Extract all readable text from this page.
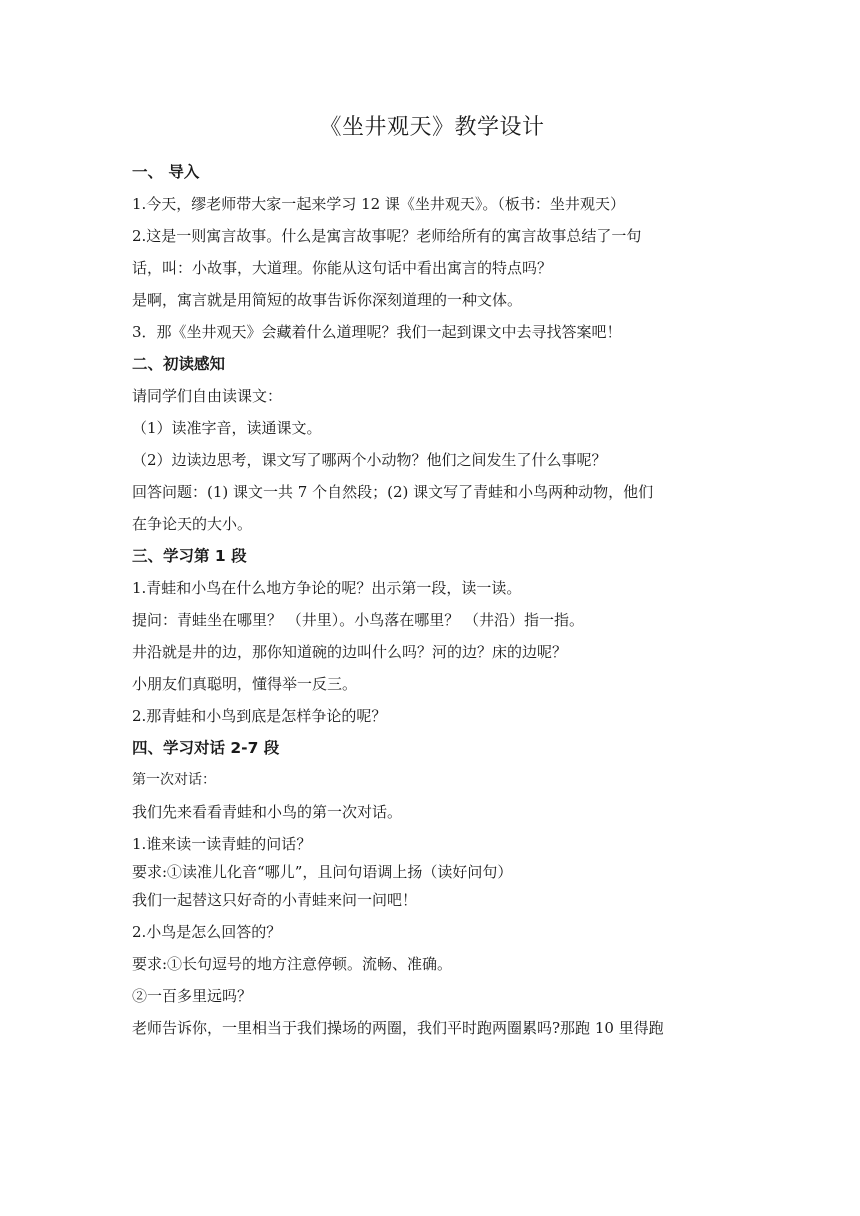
《坐井观天》教学设计

一、 导入

1.今天，缪老师带大家一起来学习 12 课《坐井观天》。（板书：坐井观天）

2.这是一则寓言故事。什么是寓言故事呢？老师给所有的寓言故事总结了一句

话，叫：小故事，大道理。你能从这句话中看出寓言的特点吗？

是啊，寓言就是用简短的故事告诉你深刻道理的一种文体。

3．那《坐井观天》会藏着什么道理呢？我们一起到课文中去寻找答案吧！

二、初读感知

请同学们自由读课文：

（1）读准字音，读通课文。

（2）边读边思考，课文写了哪两个小动物？他们之间发生了什么事呢？

回答问题：(1) 课文一共 7 个自然段；(2) 课文写了青蛙和小鸟两种动物，他们

在争论天的大小。

三、学习第 1 段

1.青蛙和小鸟在什么地方争论的呢？出示第一段，读一读。

提问：青蛙坐在哪里？ （井里）。小鸟落在哪里？ （井沿）指一指。

井沿就是井的边，那你知道碗的边叫什么吗？河的边？床的边呢？

小朋友们真聪明，懂得举一反三。

2.那青蛙和小鸟到底是怎样争论的呢？

四、学习对话 2-7 段

第一次对话：

我们先来看看青蛙和小鸟的第一次对话。

1.谁来读一读青蛙的问话？

要求:①读准儿化音“哪儿”，且问句语调上扬（读好问句）

我们一起替这只好奇的小青蛙来问一问吧！

2.小鸟是怎么回答的？

要求:①长句逗号的地方注意停顿。流畅、准确。

②一百多里远吗？

老师告诉你，一里相当于我们操场的两圈，我们平时跑两圈累吗?那跑 10 里得跑
